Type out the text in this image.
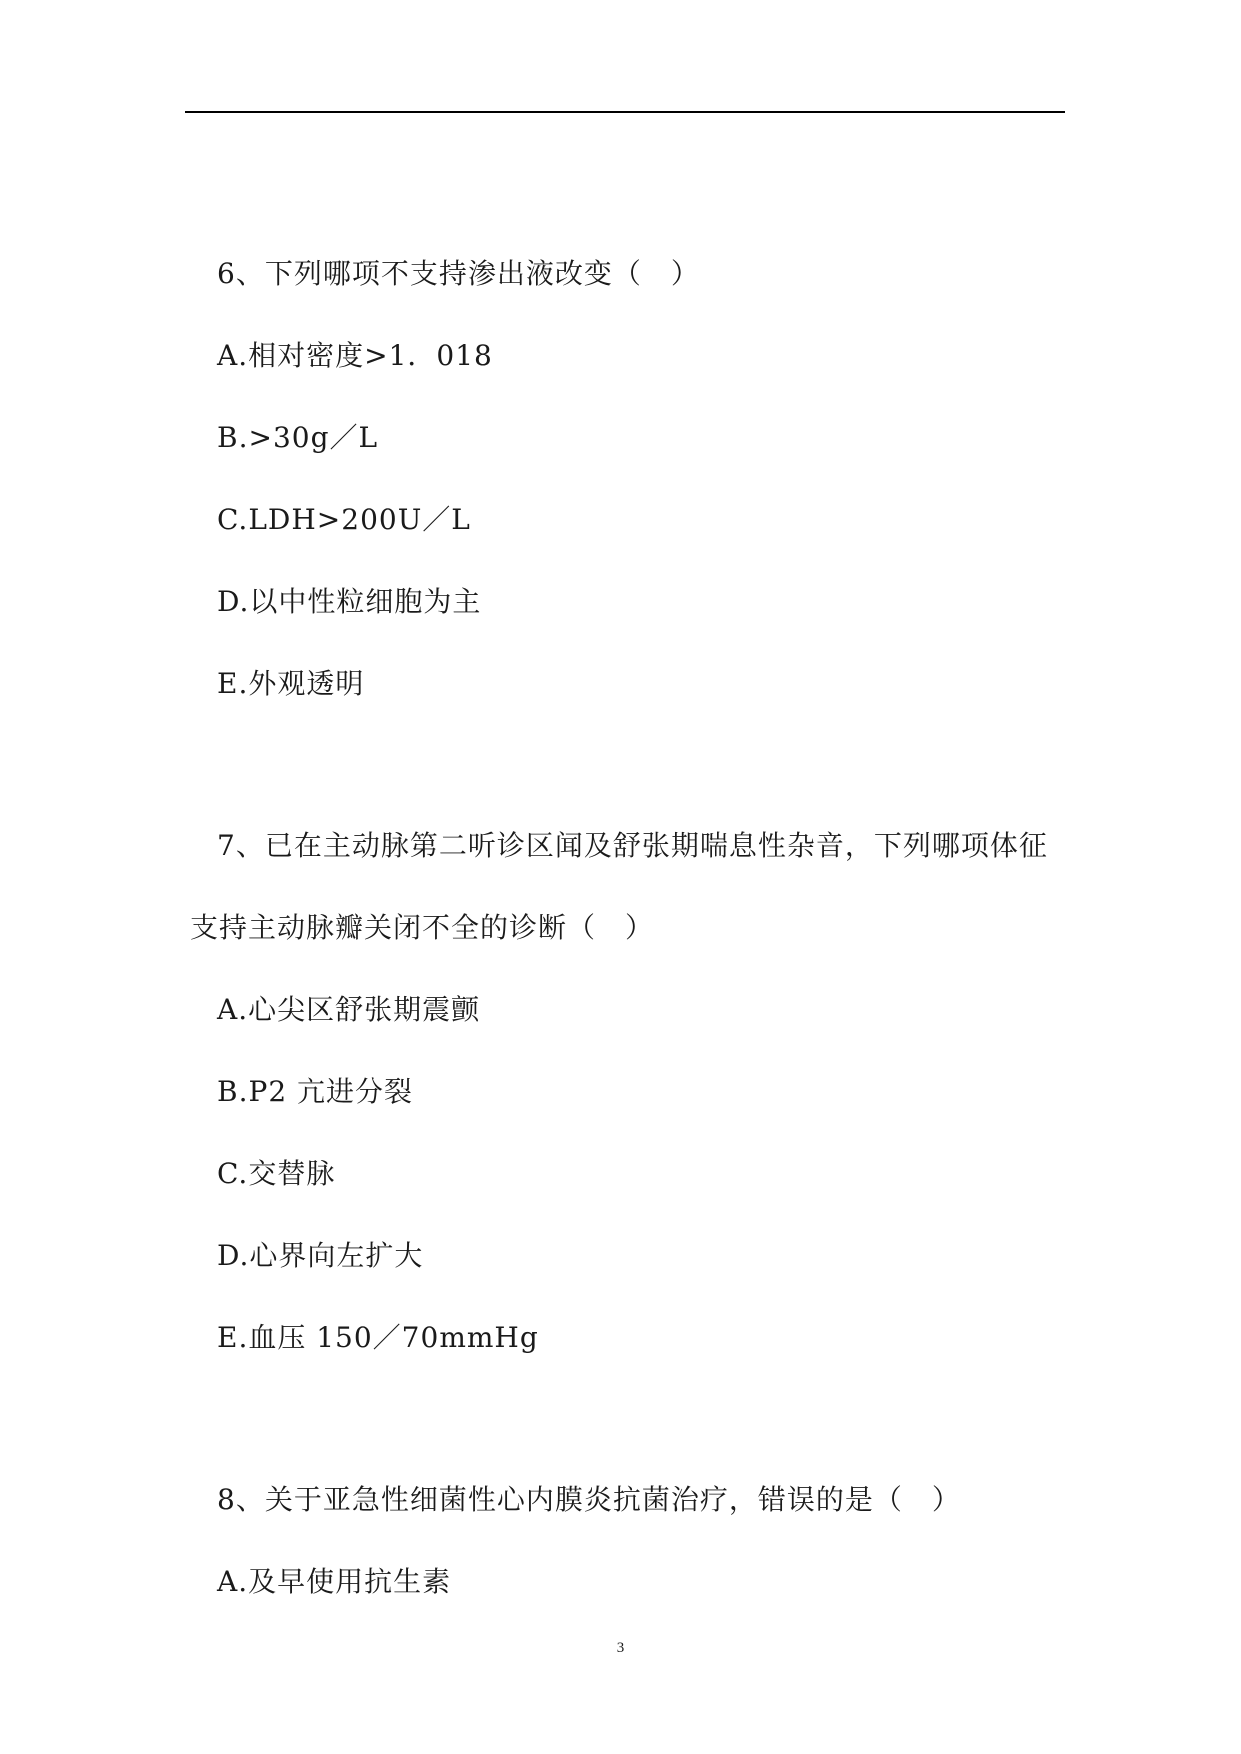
6、下列哪项不支持渗出液改变（　）
A.相对密度>1．018
B.>30g／L
C.LDH>200U／L
D.以中性粒细胞为主
E.外观透明
7、已在主动脉第二听诊区闻及舒张期喘息性杂音，下列哪项体征
支持主动脉瓣关闭不全的诊断（　）
A.心尖区舒张期震颤
B.P2 亢进分裂
C.交替脉
D.心界向左扩大
E.血压 150／70mmHg
8、关于亚急性细菌性心内膜炎抗菌治疗，错误的是（　）
A.及早使用抗生素
3
